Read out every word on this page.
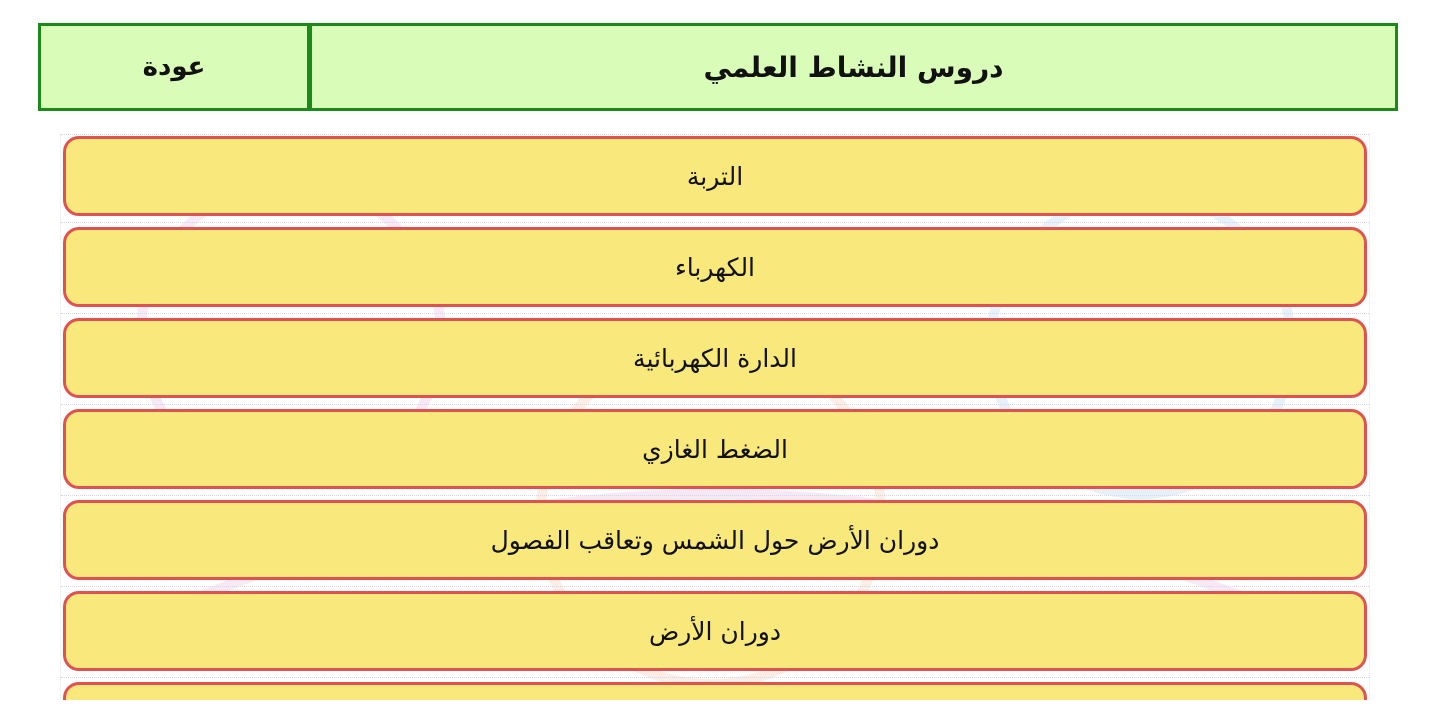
عودة	دروس النشاط العلمي
التربة
الكهرباء
الدارة الكهربائية
الضغط الغازي
دوران الأرض حول الشمس وتعاقب الفصول
دوران الأرض
